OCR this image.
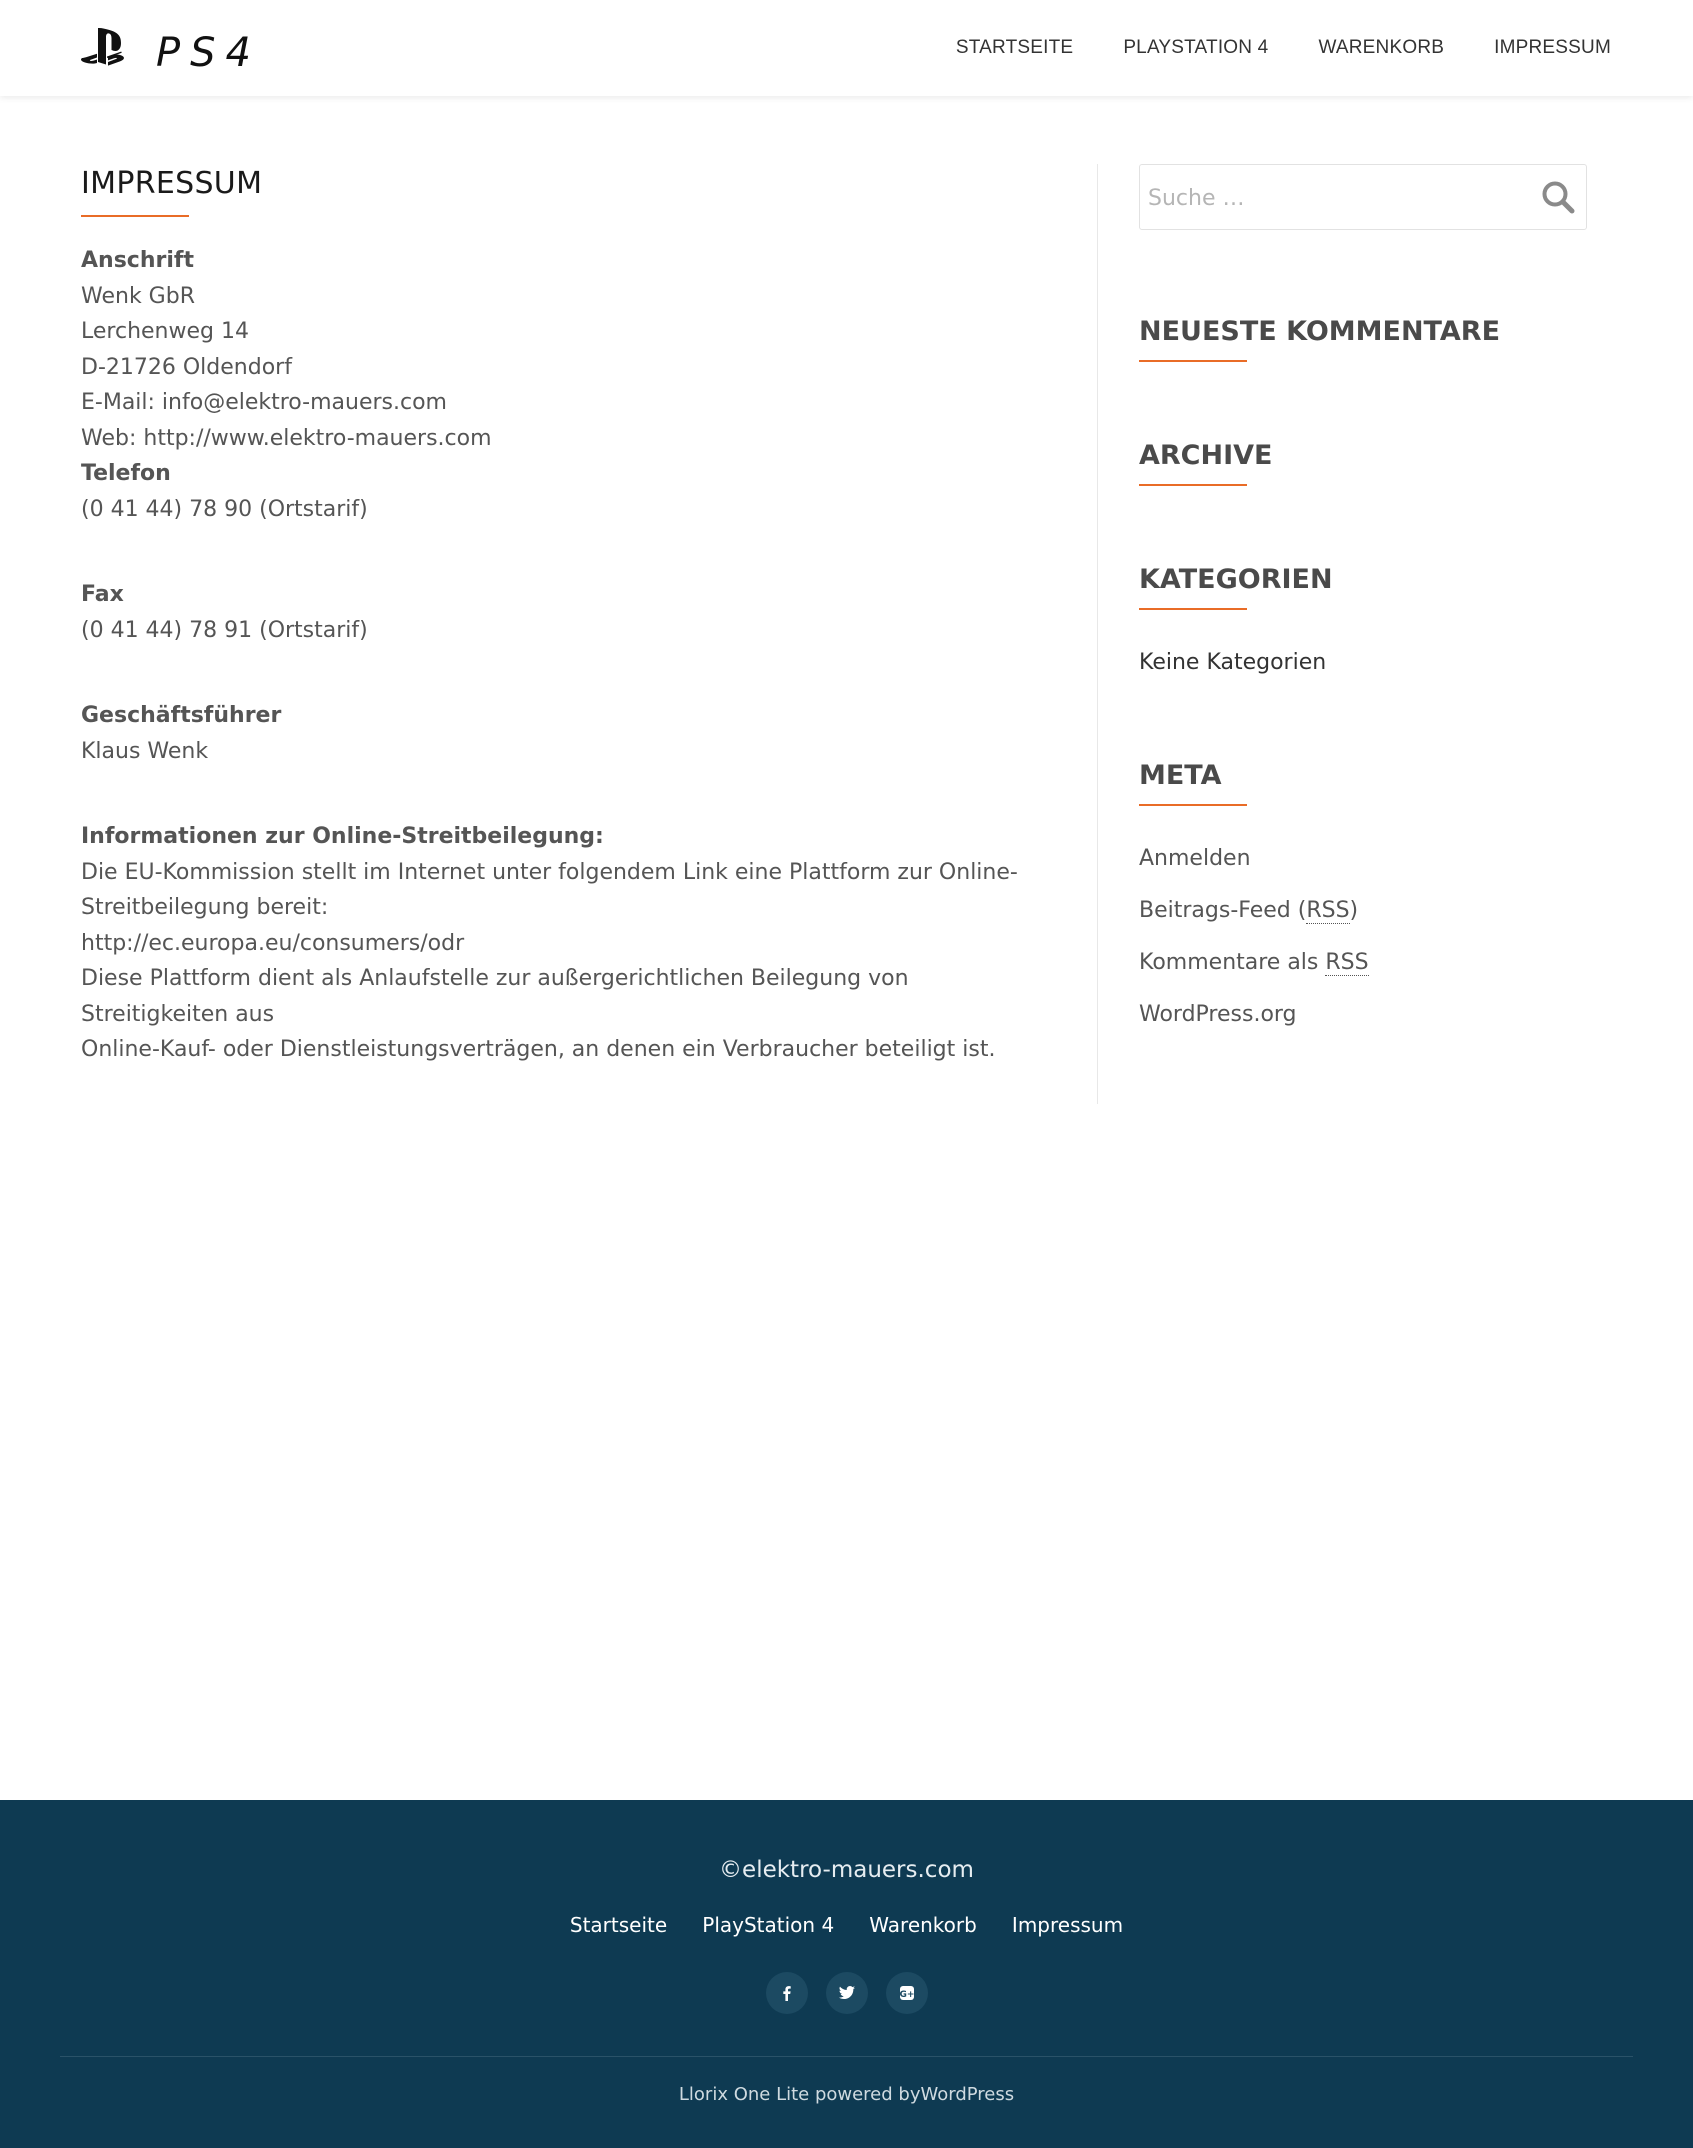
PS4	STARTSEITE	PLAYSTATION 4	WARENKORB	IMPRESSUM
IMPRESSUM
Anschrift
Wenk GbR
Lerchenweg 14
D-21726 Oldendorf
E-Mail: info@elektro-mauers.com
Web: http://www.elektro-mauers.com
Telefon
(0 41 44) 78 90 (Ortstarif)
Fax
(0 41 44) 78 91 (Ortstarif)
Geschäftsführer
Klaus Wenk
Informationen zur Online-Streitbeilegung:
Die EU-Kommission stellt im Internet unter folgendem Link eine Plattform zur Online-
Streitbeilegung bereit:
http://ec.europa.eu/consumers/odr
Diese Plattform dient als Anlaufstelle zur außergerichtlichen Beilegung von Streitigkeiten aus
Online-Kauf- oder Dienstleistungsverträgen, an denen ein Verbraucher beteiligt ist.
Suche …
NEUESTE KOMMENTARE
ARCHIVE
KATEGORIEN
Keine Kategorien
META
Anmelden
Beitrags-Feed (RSS)
Kommentare als RSS
WordPress.org
©elektro-mauers.com
Startseite PlayStation 4 Warenkorb Impressum
G+
Llorix One Lite powered byWordPress
